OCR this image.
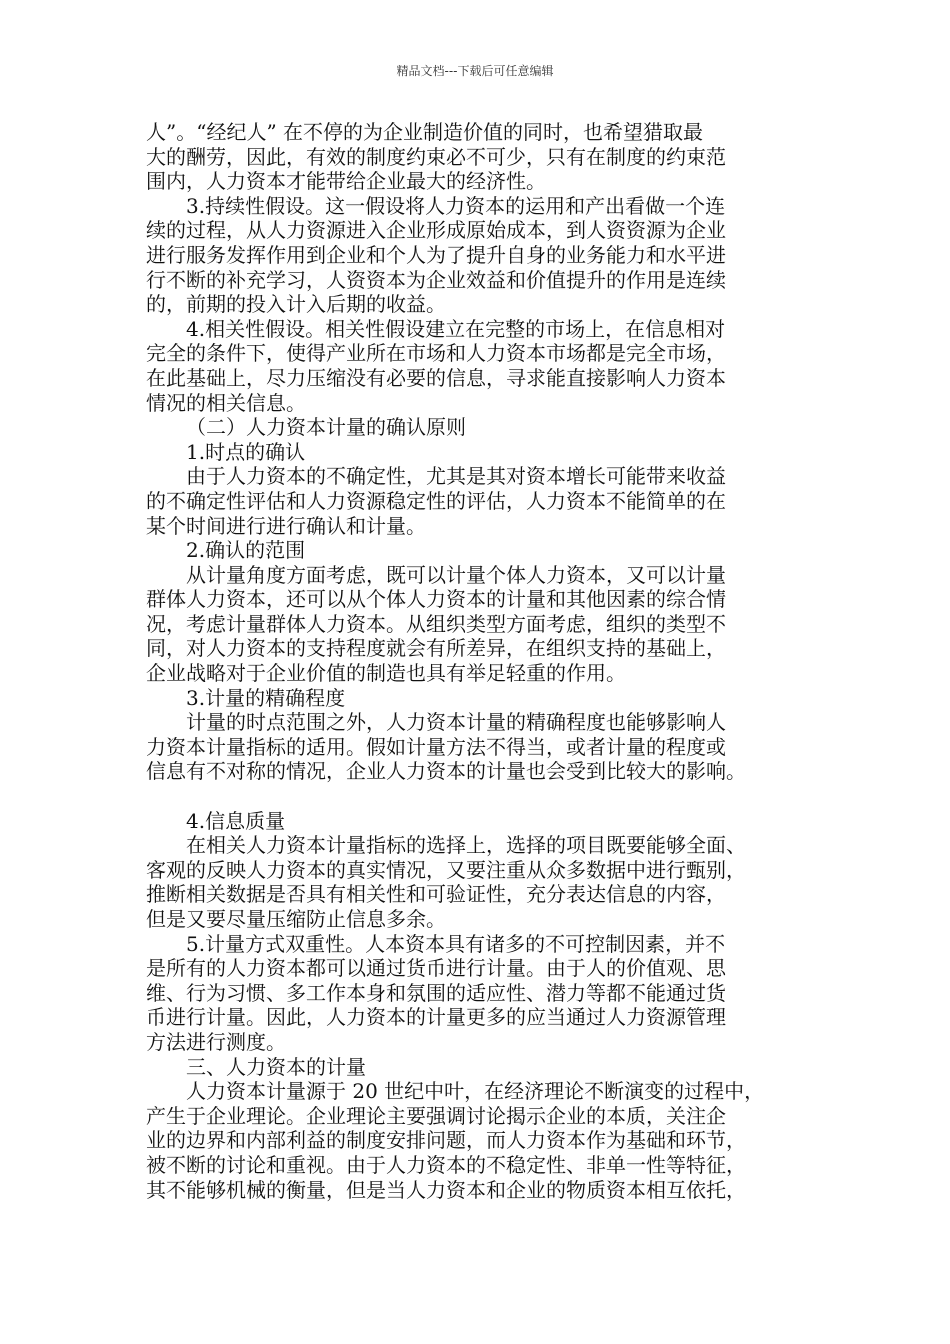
精品文档---下载后可任意编辑

人”。“经纪人” 在不停的为企业制造价值的同时，也希望猎取最

大的酬劳，因此，有效的制度约束必不可少，只有在制度的约束范

围内，人力资本才能带给企业最大的经济性。

3.持续性假设。这一假设将人力资本的运用和产出看做一个连

续的过程，从人力资源进入企业形成原始成本，到人资资源为企业

进行服务发挥作用到企业和个人为了提升自身的业务能力和水平进

行不断的补充学习，人资资本为企业效益和价值提升的作用是连续

的，前期的投入计入后期的收益。

4.相关性假设。相关性假设建立在完整的市场上，在信息相对

完全的条件下，使得产业所在市场和人力资本市场都是完全市场，

在此基础上，尽力压缩没有必要的信息，寻求能直接影响人力资本

情况的相关信息。

（二）人力资本计量的确认原则

1.时点的确认

由于人力资本的不确定性，尤其是其对资本增长可能带来收益

的不确定性评估和人力资源稳定性的评估，人力资本不能简单的在

某个时间进行进行确认和计量。

2.确认的范围

从计量角度方面考虑，既可以计量个体人力资本，又可以计量

群体人力资本，还可以从个体人力资本的计量和其他因素的综合情

况，考虑计量群体人力资本。从组织类型方面考虑，组织的类型不

同，对人力资本的支持程度就会有所差异，在组织支持的基础上，

企业战略对于企业价值的制造也具有举足轻重的作用。

3.计量的精确程度

计量的时点范围之外，人力资本计量的精确程度也能够影响人

力资本计量指标的适用。假如计量方法不得当，或者计量的程度或

信息有不对称的情况，企业人力资本的计量也会受到比较大的影响。

4.信息质量

在相关人力资本计量指标的选择上，选择的项目既要能够全面、

客观的反映人力资本的真实情况，又要注重从众多数据中进行甄别，

推断相关数据是否具有相关性和可验证性，充分表达信息的内容，

但是又要尽量压缩防止信息多余。

5.计量方式双重性。人本资本具有诸多的不可控制因素，并不

是所有的人力资本都可以通过货币进行计量。由于人的价值观、思

维、行为习惯、多工作本身和氛围的适应性、潜力等都不能通过货

币进行计量。因此，人力资本的计量更多的应当通过人力资源管理

方法进行测度。

三、人力资本的计量

人力资本计量源于 20 世纪中叶，在经济理论不断演变的过程中，

产生于企业理论。企业理论主要强调讨论揭示企业的本质，关注企

业的边界和内部利益的制度安排问题，而人力资本作为基础和环节，

被不断的讨论和重视。由于人力资本的不稳定性、非单一性等特征，

其不能够机械的衡量，但是当人力资本和企业的物质资本相互依托，
